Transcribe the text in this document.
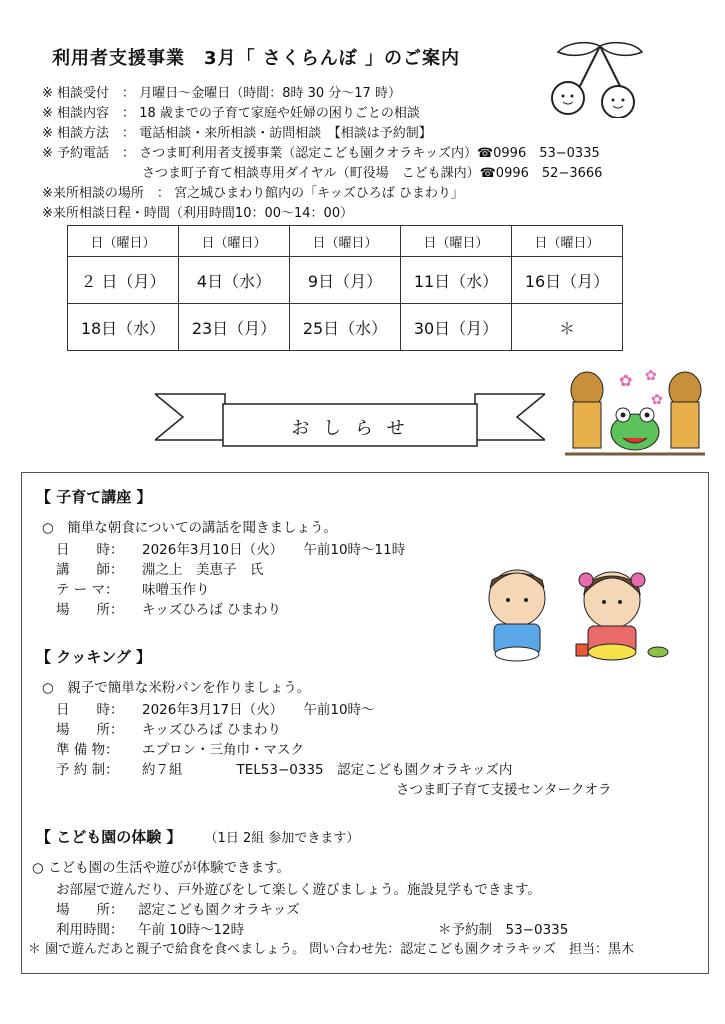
利用者支援事業　3月「 さくらんぼ 」のご案内
※ 相談受付　： 月曜日〜金曜日（時間：8時 30 分〜17 時）
※ 相談内容　： 18 歳までの子育て家庭や妊婦の困りごとの相談
※ 相談方法　： 電話相談・来所相談・訪問相談　【相談は予約制】
※ 予約電話　： さつま町利用者支援事業（認定こども園クオラキッズ内）☎0996　53−0335
さつま町子育て相談専用ダイヤル（町役場　こども課内）☎0996　52−3666
※来所相談の場所　： 宮之城ひまわり館内の「キッズひろば ひまわり」
※来所相談日程・時間（利用時間10：00〜14：00）
日（曜日）	日（曜日）	日（曜日）	日（曜日）	日（曜日）
２ 日（月）	4日（水）	9日（月）	11日（水）	16日（月）
18日（水）	23日（月）	25日（水）	30日（月）	＊
お し ら せ
✿ ✿
✿
【 子育て講座 】
○　簡単な朝食についての講話を聞きましょう。
日　　時： 2026年3月10日（火）　　午前10時〜11時
講　　師： 淵之上　美恵子　氏
テ ー マ： 味噌玉作り
場　　所： キッズひろば ひまわり
【 クッキング 】
○　親子で簡単な米粉パンを作りましょう。
日　　時： 2026年3月17日（火）　　午前10時〜
場　　所： キッズひろば ひまわり
準 備 物： エプロン・三角巾・マスク
予 約 制： 約７組　　　　TEL53−0335　認定こども園クオラキッズ内
さつま町子育て支援センタークオラ
【 こども園の体験 】 （1日 2組 参加できます）
○ こども園の生活や遊びが体験できます。
お部屋で遊んだり、戸外遊びをして楽しく遊びましょう。施設見学もできます。
場　　所： 認定こども園クオラキッズ
利用時間： 午前 10時〜12時	＊予約制　53−0335
＊ 園で遊んだあと親子で給食を食べましょう。 問い合わせ先：認定こども園クオラキッズ　担当：黒木
